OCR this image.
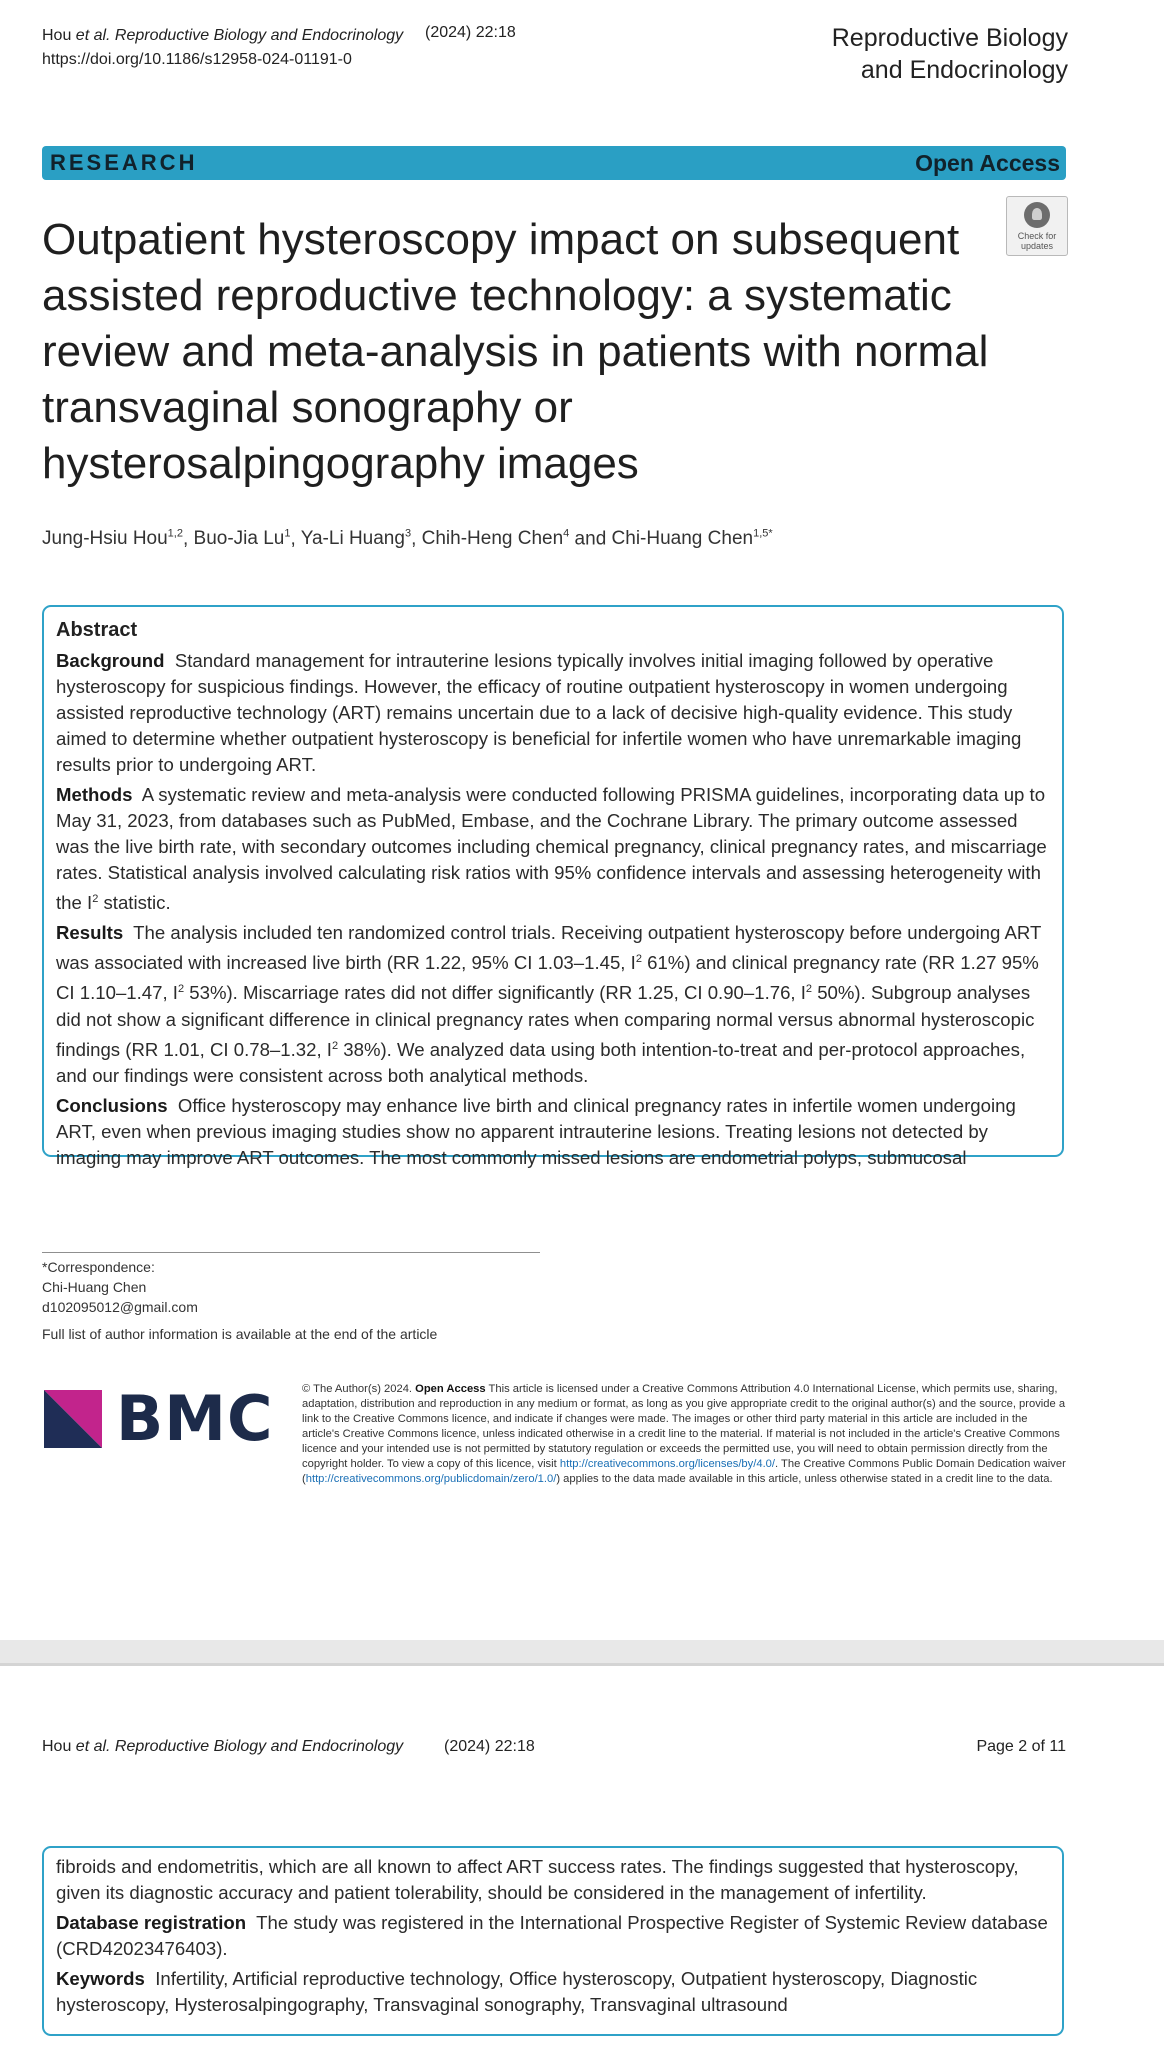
Hou et al. Reproductive Biology and Endocrinology
https://doi.org/10.1186/s12958-024-01191-0
(2024) 22:18	Reproductive Biology
and Endocrinology
RESEARCH	Open Access
Check for
updates
Outpatient hysteroscopy impact on subsequent assisted reproductive technology: a systematic review and meta-analysis in patients with normal transvaginal sonography or hysterosalpingography images
Jung-Hsiu Hou$^{1,2}$, Buo-Jia Lu$^1$, Ya-Li Huang$^3$, Chih-Heng Chen$^4$ and Chi-Huang Chen$^{1,5*}$
Abstract

Background Standard management for intrauterine lesions typically involves initial imaging followed by operative hysteroscopy for suspicious findings. However, the efficacy of routine outpatient hysteroscopy in women undergoing assisted reproductive technology (ART) remains uncertain due to a lack of decisive high-quality evidence. This study aimed to determine whether outpatient hysteroscopy is beneficial for infertile women who have unremarkable imaging results prior to undergoing ART.

Methods A systematic review and meta-analysis were conducted following PRISMA guidelines, incorporating data up to May 31, 2023, from databases such as PubMed, Embase, and the Cochrane Library. The primary outcome assessed was the live birth rate, with secondary outcomes including chemical pregnancy, clinical pregnancy rates, and miscarriage rates. Statistical analysis involved calculating risk ratios with 95% confidence intervals and assessing heterogeneity with the $I^2$ statistic.

Results The analysis included ten randomized control trials. Receiving outpatient hysteroscopy before undergoing ART was associated with increased live birth (RR 1.22, 95% CI 1.03–1.45, $I^2$ 61%) and clinical pregnancy rate (RR 1.27 95% CI 1.10–1.47, $I^2$ 53%). Miscarriage rates did not differ significantly (RR 1.25, CI 0.90–1.76, $I^2$ 50%). Subgroup analyses did not show a significant difference in clinical pregnancy rates when comparing normal versus abnormal hysteroscopic findings (RR 1.01, CI 0.78–1.32, $I^2$ 38%). We analyzed data using both intention-to-treat and per-protocol approaches, and our findings were consistent across both analytical methods.

Conclusions Office hysteroscopy may enhance live birth and clinical pregnancy rates in infertile women undergoing ART, even when previous imaging studies show no apparent intrauterine lesions. Treating lesions not detected by imaging may improve ART outcomes. The most commonly missed lesions are endometrial polyps, submucosal

*Correspondence:
Chi-Huang Chen
d102095012@gmail.com
Full list of author information is available at the end of the article
BMC	© The Author(s) 2024. Open Access This article is licensed under a Creative Commons Attribution 4.0 International License, which permits use, sharing, adaptation, distribution and reproduction in any medium or format, as long as you give appropriate credit to the original author(s) and the source, provide a link to the Creative Commons licence, and indicate if changes were made. The images or other third party material in this article are included in the article's Creative Commons licence, unless indicated otherwise in a credit line to the material. If material is not included in the article's Creative Commons licence and your intended use is not permitted by statutory regulation or exceeds the permitted use, you will need to obtain permission directly from the copyright holder. To view a copy of this licence, visit http://creativecommons.org/licenses/by/4.0/. The Creative Commons Public Domain Dedication waiver (http://creativecommons.org/publicdomain/zero/1.0/) applies to the data made available in this article, unless otherwise stated in a credit line to the data.
Hou et al. Reproductive Biology and Endocrinology	(2024) 22:18	Page 2 of 11

fibroids and endometritis, which are all known to affect ART success rates. The findings suggested that hysteroscopy, given its diagnostic accuracy and patient tolerability, should be considered in the management of infertility.

Database registration The study was registered in the International Prospective Register of Systemic Review database (CRD42023476403).

Keywords Infertility, Artificial reproductive technology, Office hysteroscopy, Outpatient hysteroscopy, Diagnostic hysteroscopy, Hysterosalpingography, Transvaginal sonography, Transvaginal ultrasound
